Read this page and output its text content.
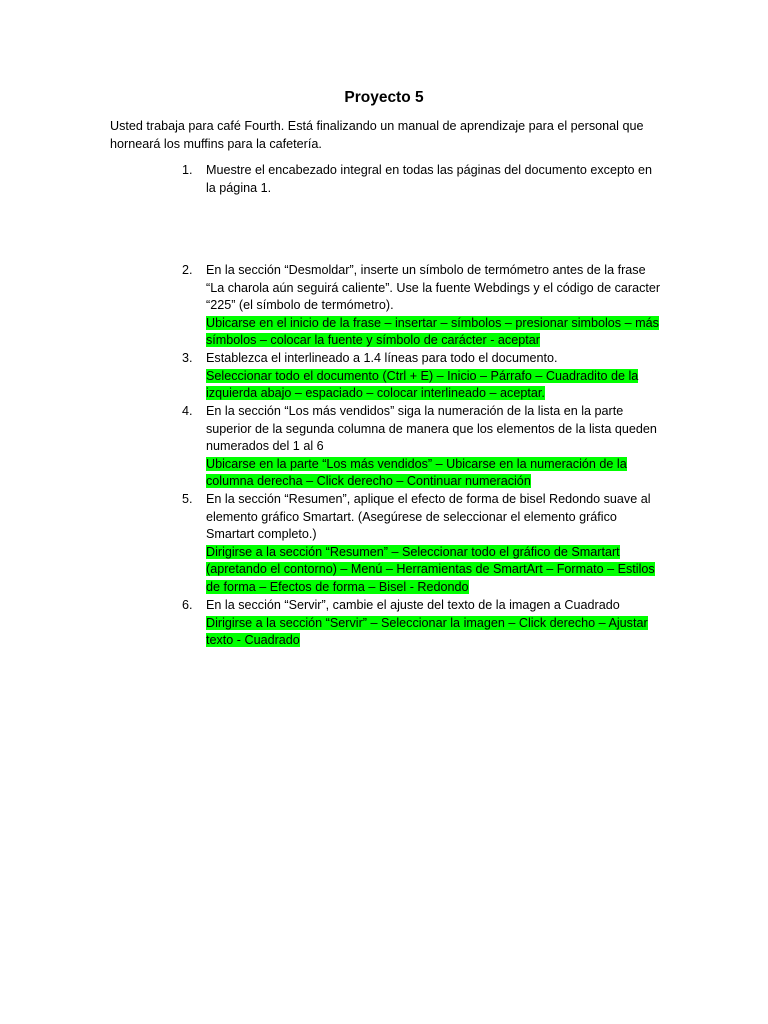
Proyecto 5
Usted trabaja para café Fourth. Está finalizando un manual de aprendizaje para el personal que horneará los muffins para la cafetería.
1.	Muestre el encabezado integral en todas las páginas del documento excepto en la página 1.
2.	En la sección “Desmoldar”, inserte un símbolo de termómetro antes de la frase “La charola aún seguirá caliente”. Use la fuente Webdings y el código de caracter “225” (el símbolo de termómetro).
Ubicarse en el inicio de la frase – insertar – símbolos – presionar simbolos – más símbolos – colocar la fuente y símbolo de carácter - aceptar
3.	Establezca el interlineado a 1.4 líneas para todo el documento.
Seleccionar todo el documento (Ctrl + E) – Inicio – Párrafo – Cuadradito de la izquierda abajo – espaciado – colocar interlineado – aceptar.
4.	En la sección “Los más vendidos” siga la numeración de la lista en la parte superior de la segunda columna de manera que los elementos de la lista queden numerados del 1 al 6
Ubicarse en la parte “Los más vendidos” – Ubicarse en la numeración de la columna derecha – Click derecho – Continuar numeración
5.	En la sección “Resumen”, aplique el efecto de forma de bisel Redondo suave al elemento gráfico Smartart. (Asegúrese de seleccionar el elemento gráfico Smartart completo.)
Dirigirse a la sección “Resumen” – Seleccionar todo el gráfico de Smartart (apretando el contorno) – Menú – Herramientas de SmartArt – Formato – Estilos de forma – Efectos de forma – Bisel - Redondo
6.	En la sección “Servir”, cambie el ajuste del texto de la imagen a Cuadrado
Dirigirse a la sección “Servir” – Seleccionar la imagen – Click derecho – Ajustar texto - Cuadrado
